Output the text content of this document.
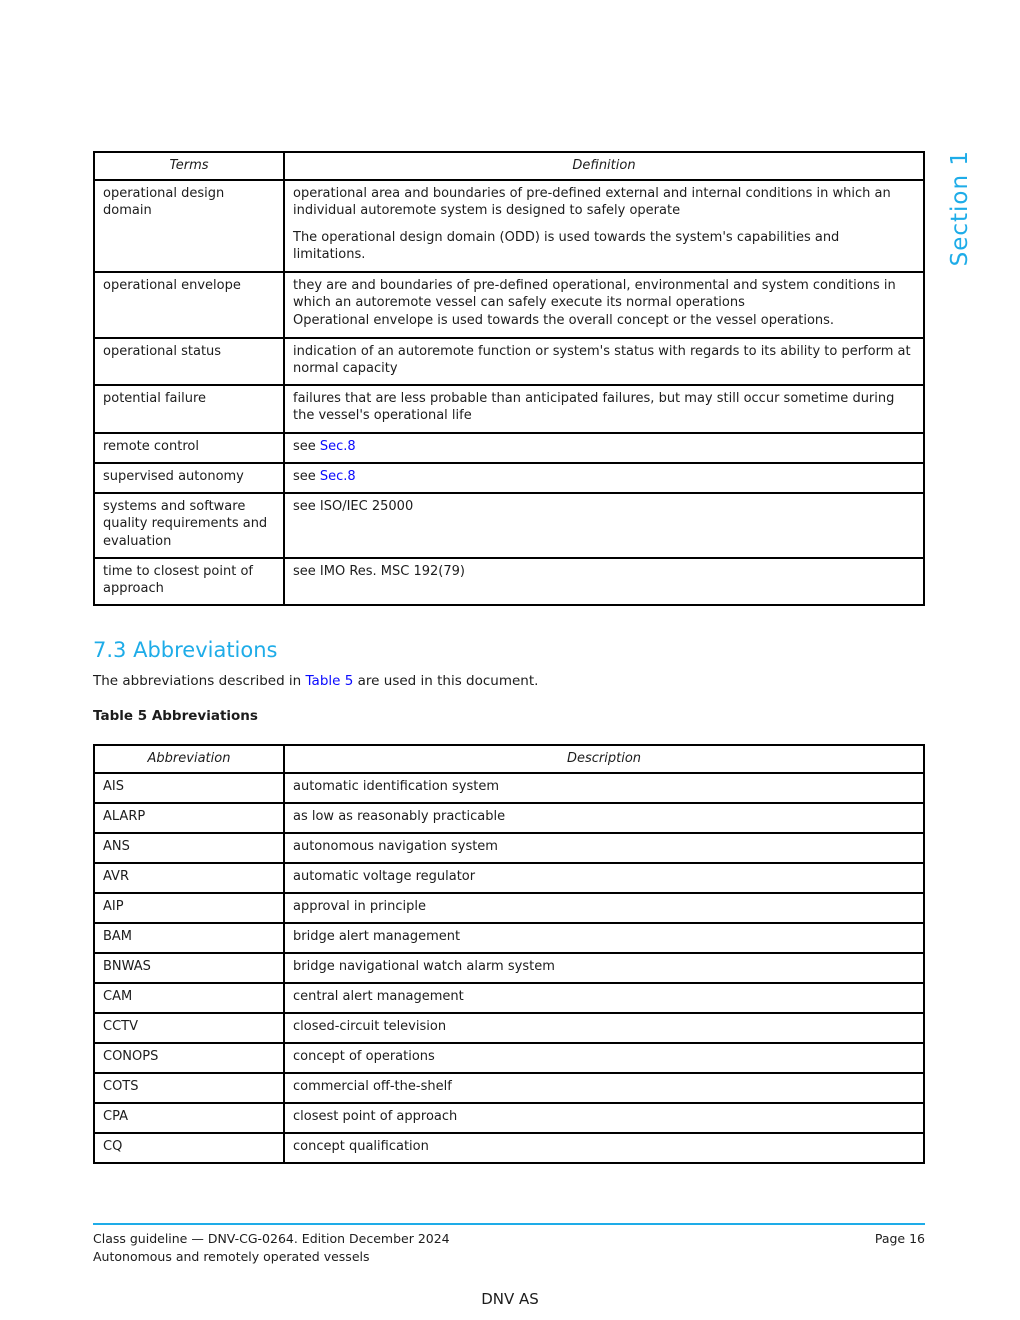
Section 1
Terms	Definition
operational design domain	operational area and boundaries of pre-defined external and internal conditions in which an individual autoremote system is designed to safely operate
The operational design domain (ODD) is used towards the system's capabilities and limitations.

operational envelope	they are and boundaries of pre-defined operational, environmental and system conditions in which an autoremote vessel can safely execute its normal operations
Operational envelope is used towards the overall concept or the vessel operations.

operational status	indication of an autoremote function or system's status with regards to its ability to perform at normal capacity

potential failure	failures that are less probable than anticipated failures, but may still occur sometime during the vessel's operational life

remote control	see Sec.8

supervised autonomy	see Sec.8

systems and software quality requirements and evaluation	see ISO/IEC 25000

time to closest point of approach	see IMO Res. MSC 192(79)
7.3 Abbreviations

The abbreviations described in Table 5 are used in this document.

Table 5 Abbreviations

Abbreviation	Description
AIS	automatic identification system
ALARP	as low as reasonably practicable
ANS	autonomous navigation system
AVR	automatic voltage regulator
AIP	approval in principle
BAM	bridge alert management
BNWAS	bridge navigational watch alarm system
CAM	central alert management
CCTV	closed-circuit television
CONOPS	concept of operations
COTS	commercial off-the-shelf
CPA	closest point of approach
CQ	concept qualification
Class guideline — DNV-CG-0264. Edition December 2024	Page 16
Autonomous and remotely operated vessels
DNV AS
